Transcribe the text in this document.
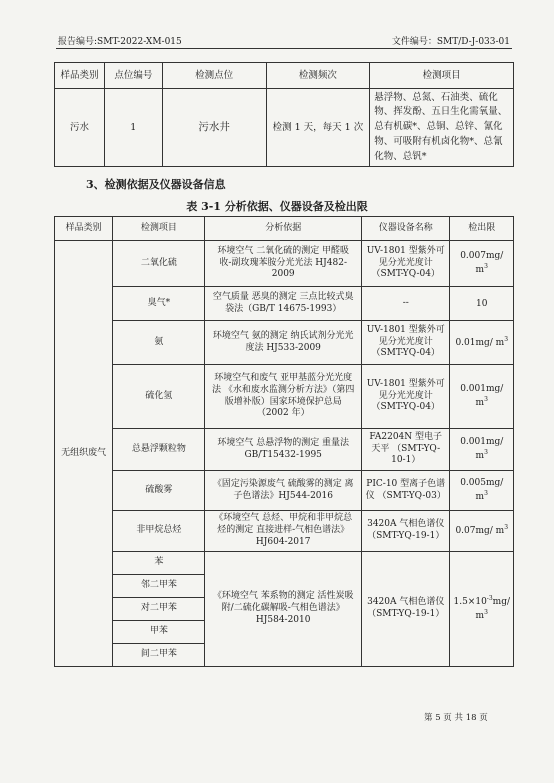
报告编号:SMT-2022-XM-015	文件编号：SMT/D-J-033-01
样品类别	点位编号	检测点位	检测频次	检测项目
污水	1	污水井	检测 1 天，每天 1 次	悬浮物、总氮、石油类、硫化物、挥发酚、五日生化需氧量、总有机碳*、总铜、总锌、氰化物、可吸附有机卤化物*、总氰化物、总钒*
3、检测依据及仪器设备信息
表 3-1 分析依据、仪器设备及检出限
样品类别	检测项目	分析依据	仪器设备名称	检出限
无组织废气	二氧化硫	环境空气 二氧化硫的测定 甲醛吸收-副玫瑰苯胺分光光法 HJ482-2009	UV-1801 型紫外可见分光光度计 （SMT-YQ-04）	0.007mg/ $m^3$
	臭气*	空气质量 恶臭的测定 三点比较式臭袋法（GB/T 14675-1993）	--	10
	氨	环境空气 氨的测定 纳氏试剂分光光度法 HJ533-2009	UV-1801 型紫外可见分光光度计 （SMT-YQ-04）	0.01mg/ $m^3$
	硫化氢	环境空气和废气 亚甲基蓝分光光度法 《水和废水监测分析方法》（第四版增补版）国家环境保护总局（2002 年）	UV-1801 型紫外可见分光光度计 （SMT-YQ-04）	0.001mg/ $m^3$
	总悬浮颗粒物	环境空气 总悬浮物的测定 重量法 GB/T15432-1995	FA2204N 型电子天平 （SMT-YQ-10-1）	0.001mg/ $m^3$
	硫酸雾	《固定污染源废气 硫酸雾的测定 离子色谱法》HJ544-2016	PIC-10 型离子色谱仪 （SMT-YQ-03）	0.005mg/ $m^3$
	非甲烷总烃	《环境空气 总烃、甲烷和非甲烷总烃的测定 直接进样-气相色谱法》HJ604-2017	3420A 气相色谱仪 （SMT-YQ-19-1）	0.07mg/ $m^3$
	苯	《环境空气 苯系物的测定 活性炭吸附/二硫化碳解吸-气相色谱法》HJ584-2010	3420A 气相色谱仪 （SMT-YQ-19-1）	$1.5\times 10^{-3}mg/$ $m^3$
	邻二甲苯			
	对二甲苯			
	甲苯			
	间二甲苯			
第 5 页 共 18 页
